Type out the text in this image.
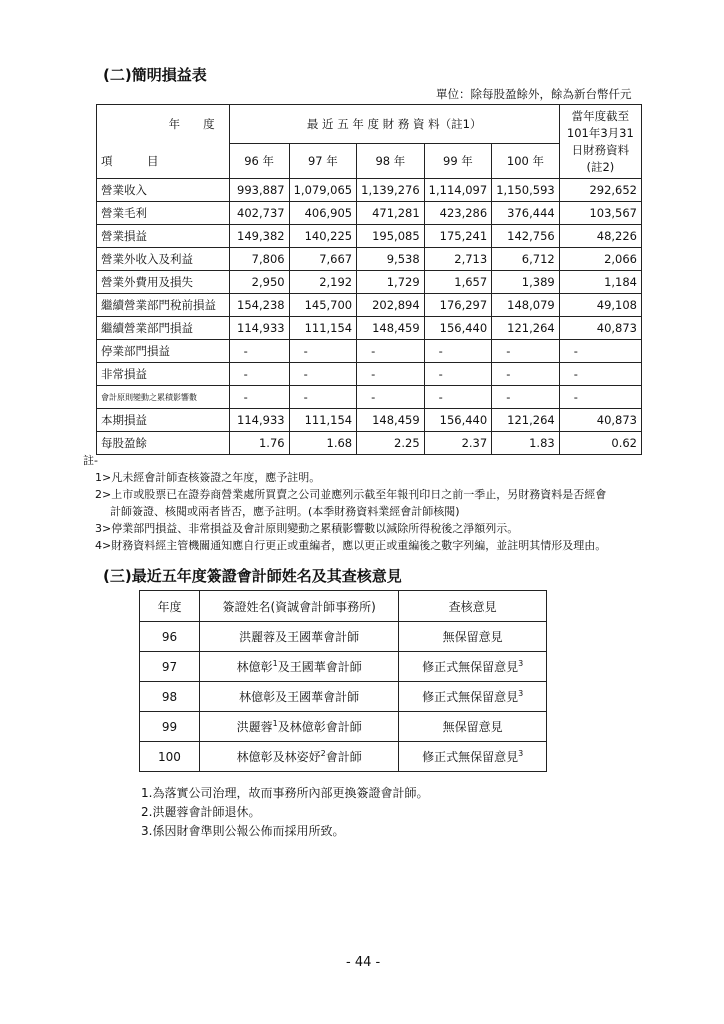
(二)簡明損益表
單位：除每股盈餘外，餘為新台幣仟元
年　　度	最 近 五 年 度 財 務 資 料（註1）					當年度截至
101年3月31
日財務資料
(註2)

項　　　目	96 年	97 年	98 年	99 年	100 年	
營業收入	993,887	1,079,065	1,139,276	1,114,097	1,150,593	292,652
營業毛利	402,737	406,905	471,281	423,286	376,444	103,567
營業損益	149,382	140,225	195,085	175,241	142,756	48,226
營業外收入及利益	7,806	7,667	9,538	2,713	6,712	2,066
營業外費用及損失	2,950	2,192	1,729	1,657	1,389	1,184
繼續營業部門稅前損益	154,238	145,700	202,894	176,297	148,079	49,108
繼續營業部門損益	114,933	111,154	148,459	156,440	121,264	40,873
停業部門損益	-	-	-	-	-	-
非常損益	-	-	-	-	-	-
會計原則變動之累積影響數	-	-	-	-	-	-
本期損益	114,933	111,154	148,459	156,440	121,264	40,873
每股盈餘	1.76	1.68	2.25	2.37	1.83	0.62
註-
1>凡未經會計師查核簽證之年度，應予註明。
2>上市或股票已在證券商營業處所買賣之公司並應列示截至年報刊印日之前一季止，另財務資料是否經會
計師簽證、核閱或兩者皆否，應予註明。(本季財務資料業經會計師核閱)
3>停業部門損益、非常損益及會計原則變動之累積影響數以減除所得稅後之淨額列示。
4>財務資料經主管機關通知應自行更正或重編者，應以更正或重編後之數字列編，並註明其情形及理由。
(三)最近五年度簽證會計師姓名及其查核意見
年度	簽證姓名(資誠會計師事務所)	查核意見
96	洪麗蓉及王國華會計師	無保留意見
97	林億彰$^1$及王國華會計師	修正式無保留意見$^3$
98	林億彰及王國華會計師	修正式無保留意見$^3$
99	洪麗蓉$^1$及林億彰會計師	無保留意見
100	林億彰及林姿妤$^2$會計師	修正式無保留意見$^3$
1.為落實公司治理，故而事務所內部更換簽證會計師。
2.洪麗蓉會計師退休。
3.係因財會準則公報公佈而採用所致。
- 44 -
